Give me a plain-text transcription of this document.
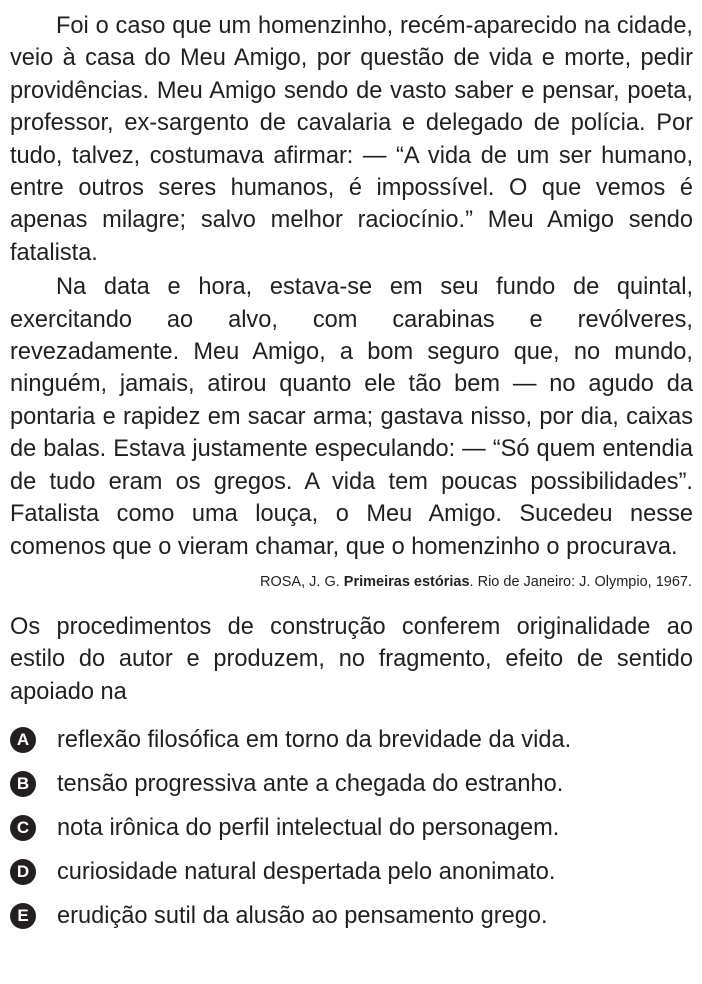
Foi o caso que um homenzinho, recém-aparecido na cidade, veio à casa do Meu Amigo, por questão de vida e morte, pedir providências. Meu Amigo sendo de vasto saber e pensar, poeta, professor, ex-sargento de cavalaria e delegado de polícia. Por tudo, talvez, costumava afirmar: — “A vida de um ser humano, entre outros seres humanos, é impossível. O que vemos é apenas milagre; salvo melhor raciocínio.” Meu Amigo sendo fatalista.

Na data e hora, estava-se em seu fundo de quintal, exercitando ao alvo, com carabinas e revólveres, revezadamente. Meu Amigo, a bom seguro que, no mundo, ninguém, jamais, atirou quanto ele tão bem — no agudo da pontaria e rapidez em sacar arma; gastava nisso, por dia, caixas de balas. Estava justamente especulando: — “Só quem entendia de tudo eram os gregos. A vida tem poucas possibilidades”. Fatalista como uma louça, o Meu Amigo. Sucedeu nesse comenos que o vieram chamar, que o homenzinho o procurava.

ROSA, J. G. Primeiras estórias. Rio de Janeiro: J. Olympio, 1967.
Os procedimentos de construção conferem originalidade ao estilo do autor e produzem, no fragmento, efeito de sentido apoiado na
A reflexão filosófica em torno da brevidade da vida.
B tensão progressiva ante a chegada do estranho.
C nota irônica do perfil intelectual do personagem.
D curiosidade natural despertada pelo anonimato.
E	erudição sutil da alusão ao pensamento grego.
